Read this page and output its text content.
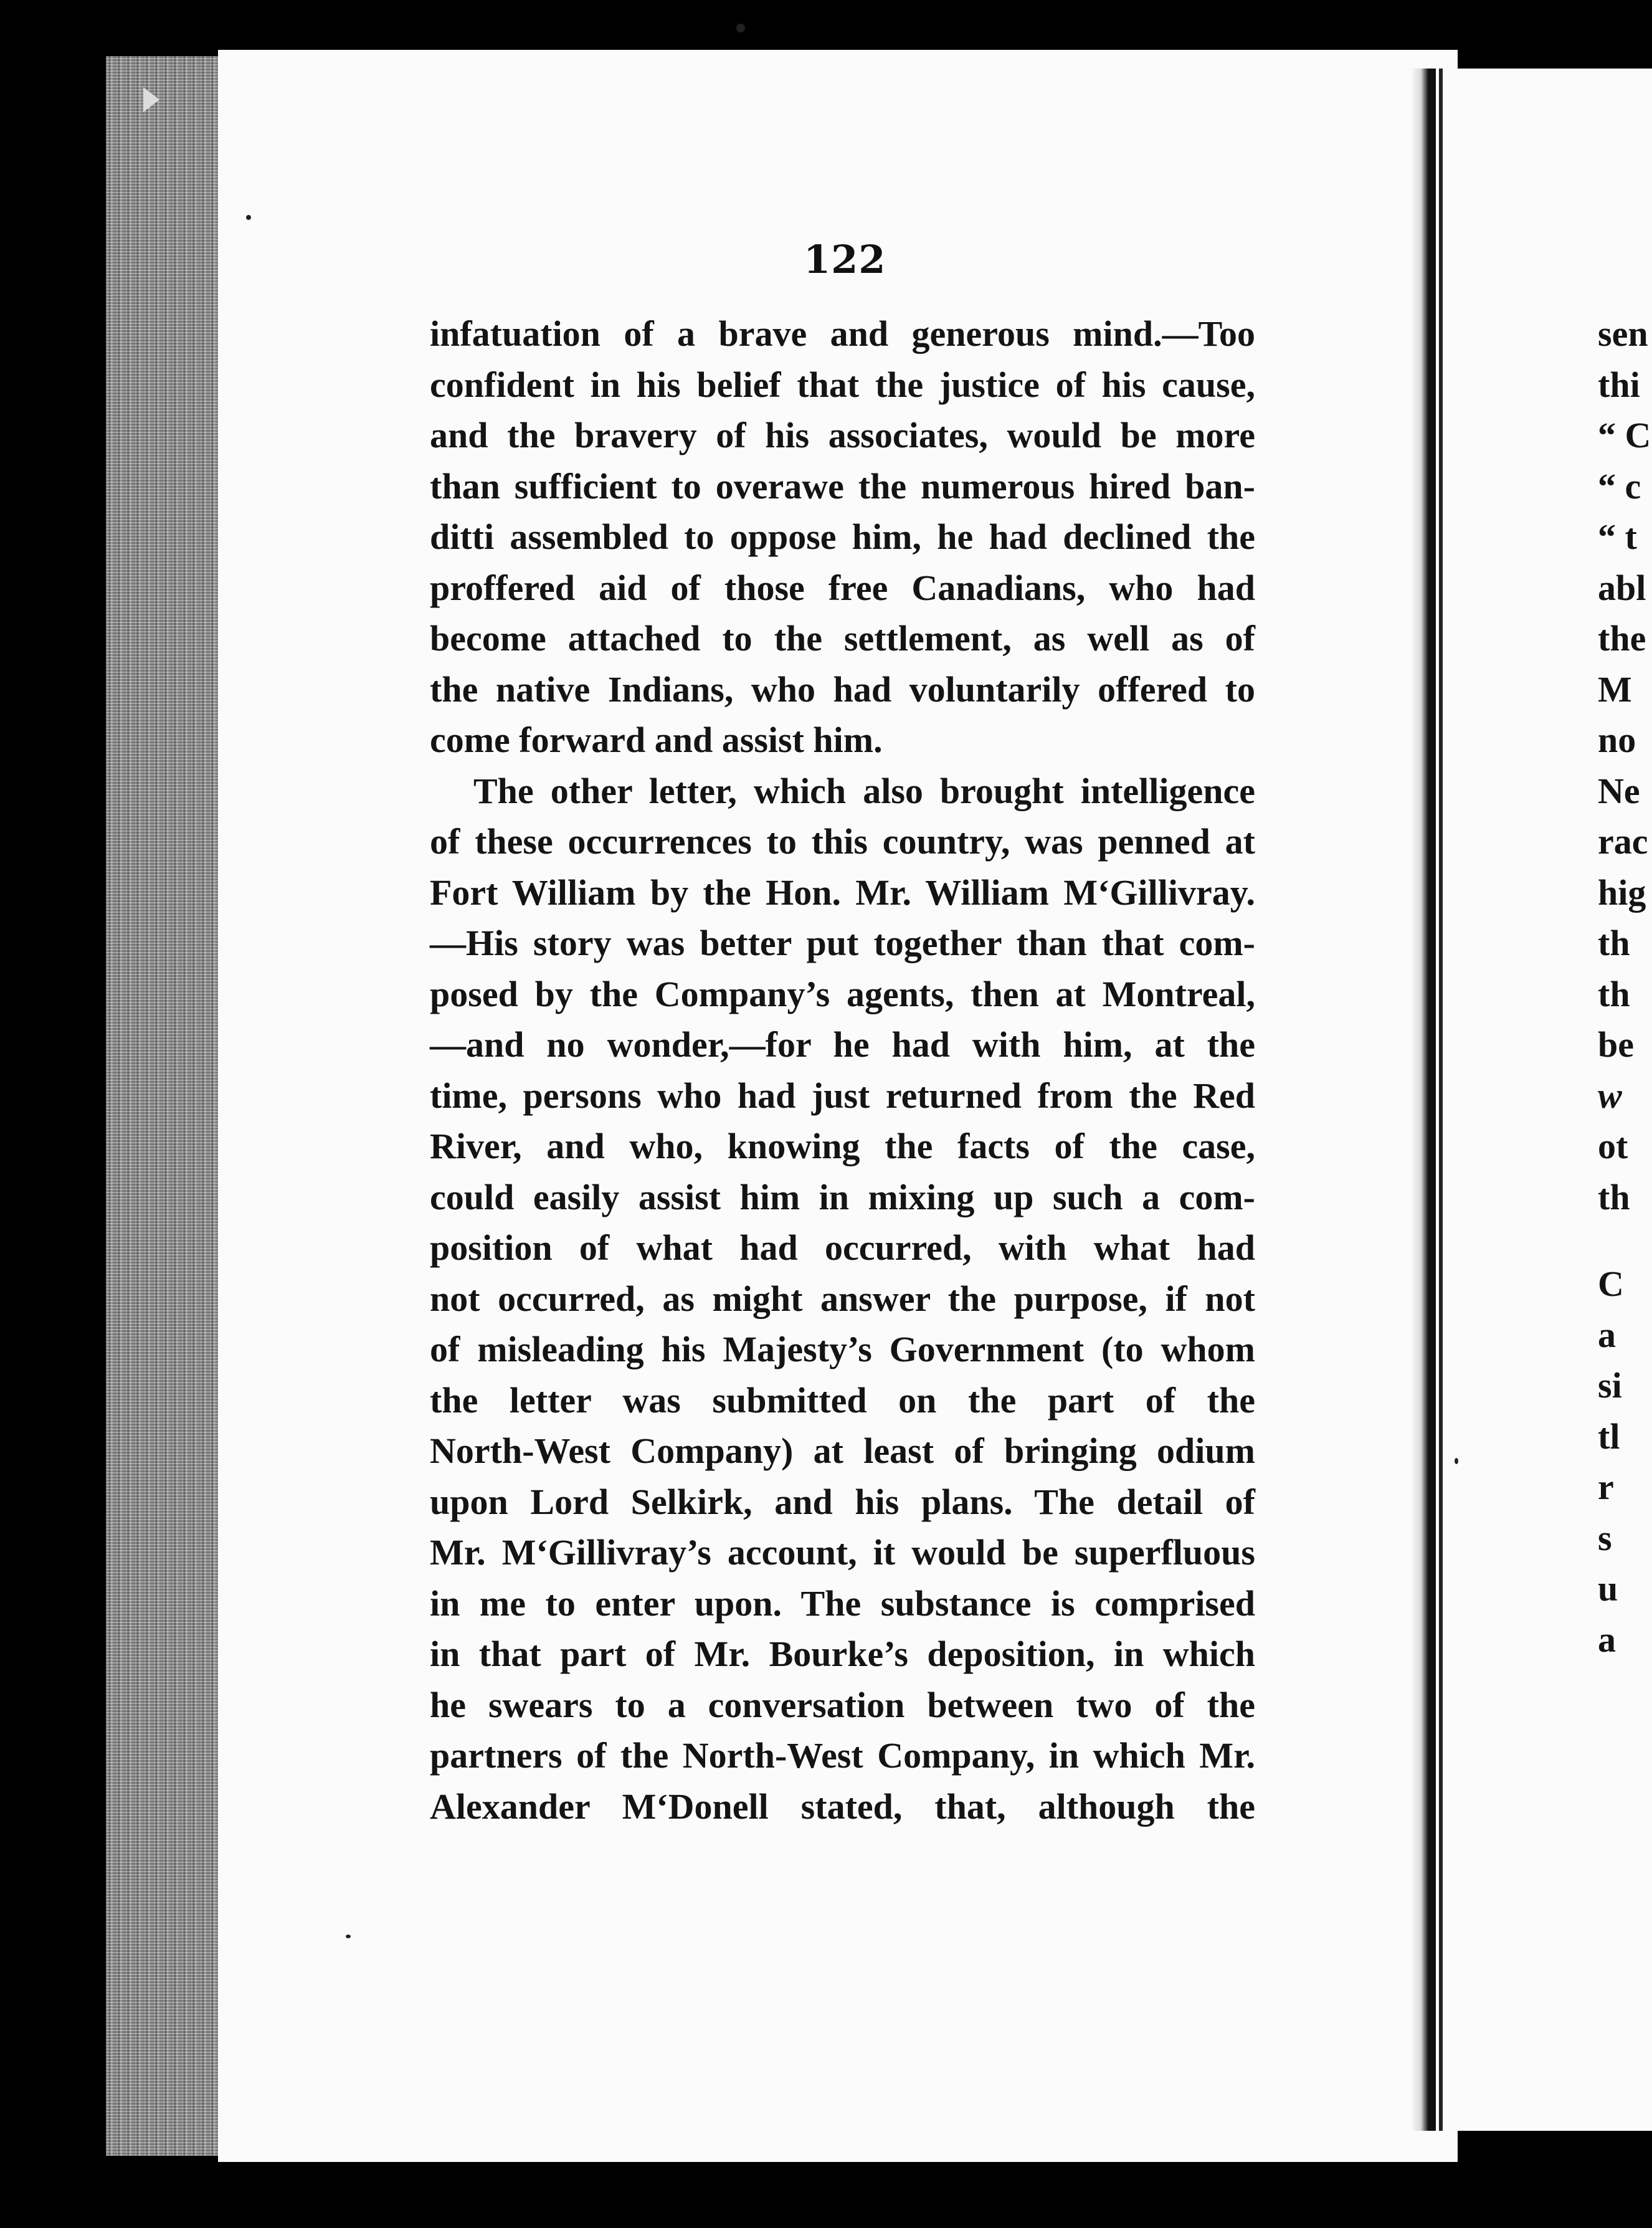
122
infatuation of a brave and generous mind.—Too
confident in his belief that the justice of his cause,
and the bravery of his associates, would be more
than sufficient to overawe the numerous hired ban-
ditti assembled to oppose him, he had declined the
proffered aid of those free Canadians, who had
become attached to the settlement, as well as of
the native Indians, who had voluntarily offered to
come forward and assist him.
The other letter, which also brought intelligence
of these occurrences to this country, was penned at
Fort William by the Hon. Mr. William M‘Gillivray.
—His story was better put together than that com-
posed by the Company’s agents, then at Montreal,
—and no wonder,—for he had with him, at the
time, persons who had just returned from the Red
River, and who, knowing the facts of the case,
could easily assist him in mixing up such a com-
position of what had occurred, with what had
not occurred, as might answer the purpose, if not
of misleading his Majesty’s Government (to whom
the letter was submitted on the part of the
North-West Company) at least of bringing odium
upon Lord Selkirk, and his plans. The detail of
Mr. M‘Gillivray’s account, it would be superfluous
in me to enter upon. The substance is comprised
in that part of Mr. Bourke’s deposition, in which
he swears to a conversation between two of the
partners of the North-West Company, in which Mr.
Alexander M‘Donell stated, that, although the
sen
thi
“ C
“ c
“ t
abl
the
M
no
Ne
rac
hig
th
th
be
w
ot
th
C
a
si
tl
r
s
u
a
